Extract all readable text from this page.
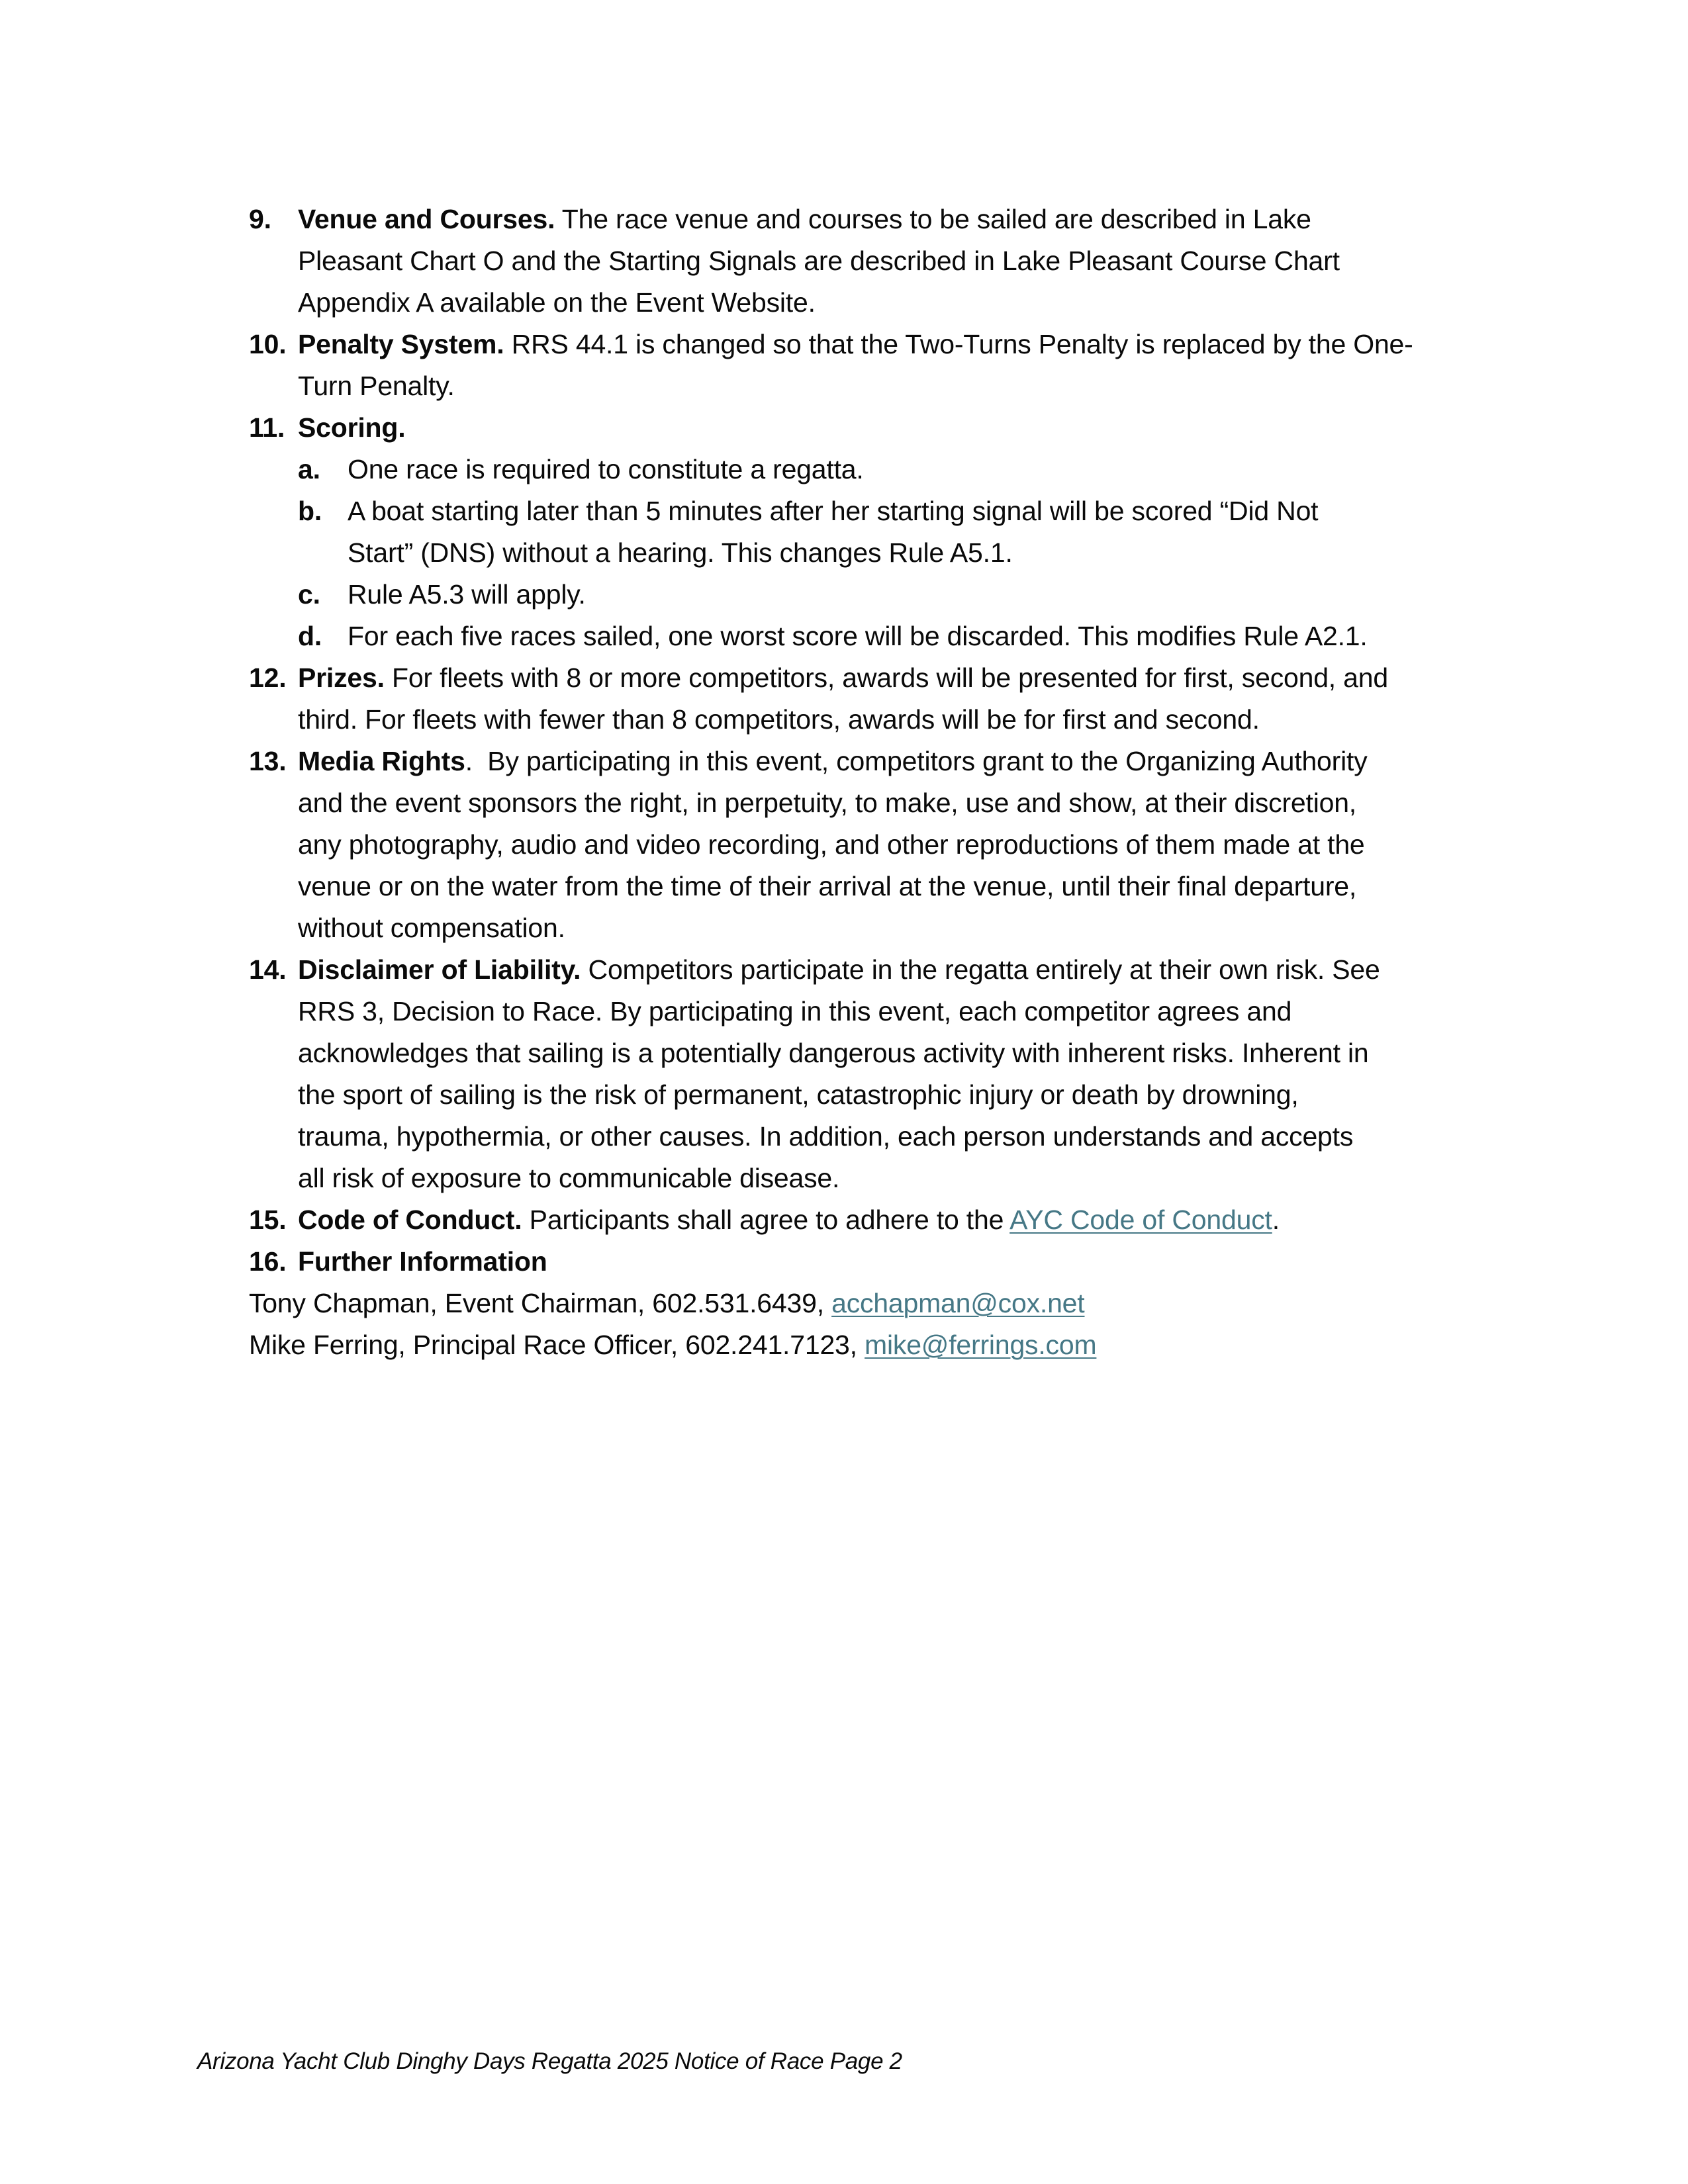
9. Venue and Courses. The race venue and courses to be sailed are described in Lake
Pleasant Chart O and the Starting Signals are described in Lake Pleasant Course Chart
Appendix A available on the Event Website.
10. Penalty System. RRS 44.1 is changed so that the Two-Turns Penalty is replaced by the One-
Turn Penalty.
11. Scoring.
a. One race is required to constitute a regatta.
b. A boat starting later than 5 minutes after her starting signal will be scored “Did Not
Start” (DNS) without a hearing. This changes Rule A5.1.
c. Rule A5.3 will apply.
d. For each five races sailed, one worst score will be discarded. This modifies Rule A2.1.
12. Prizes. For fleets with 8 or more competitors, awards will be presented for first, second, and
third. For fleets with fewer than 8 competitors, awards will be for first and second.
13. Media Rights.  By participating in this event, competitors grant to the Organizing Authority
and the event sponsors the right, in perpetuity, to make, use and show, at their discretion,
any photography, audio and video recording, and other reproductions of them made at the
venue or on the water from the time of their arrival at the venue, until their final departure,
without compensation.
14. Disclaimer of Liability. Competitors participate in the regatta entirely at their own risk. See
RRS 3, Decision to Race. By participating in this event, each competitor agrees and
acknowledges that sailing is a potentially dangerous activity with inherent risks. Inherent in
the sport of sailing is the risk of permanent, catastrophic injury or death by drowning,
trauma, hypothermia, or other causes. In addition, each person understands and accepts
all risk of exposure to communicable disease.
15. Code of Conduct. Participants shall agree to adhere to the AYC Code of Conduct.
16. Further Information
Tony Chapman, Event Chairman, 602.531.6439, acchapman@cox.net
Mike Ferring, Principal Race Officer, 602.241.7123, mike@ferrings.com
Arizona Yacht Club Dinghy Days Regatta 2025 Notice of Race Page 2
